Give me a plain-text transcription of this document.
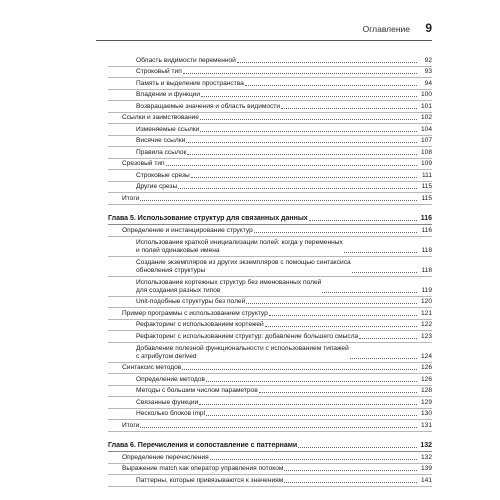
Оглавление 9
Область видимости переменной	92
Строковый тип	93
Память и выделение пространства	94
Владение и функции	100
Возвращаемые значения и область видимости	101
Ссылки и заимствование	102
Изменяемые ссылки	104
Висячие ссылки	107
Правила ссылок	108
Срезовый тип	109
Строковые срезы	111
Другие срезы	115
Итоги	115
Глава 5. Использование структур для связанных данных	116
Определение и инстанцирование структур	116
Использование краткой инициализации полей: когда у переменных
и полей одинаковые имена	118
Создание экземпляров из других экземпляров с помощью синтаксиса
обновления структуры	118
Использование кортежных структур без именованных полей
для создания разных типов	119
Unit-подобные структуры без полей	120
Пример программы с использованием структур	121
Рефакторинг с использованием кортежей	122
Рефакторинг с использованием структур: добавление большего смысла	123
Добавление полезной функциональности с использованием типажей
с атрибутом derived	124
Синтаксис методов	126
Определение методов	126
Методы с большим числом параметров	128
Связанные функции	129
Несколько блоков impl	130
Итоги	131
Глава 6. Перечисления и сопоставление с паттернами	132
Определение перечисления	132
Выражение match как оператор управления потоком	139
Паттерны, которые привязываются к значениям	141
